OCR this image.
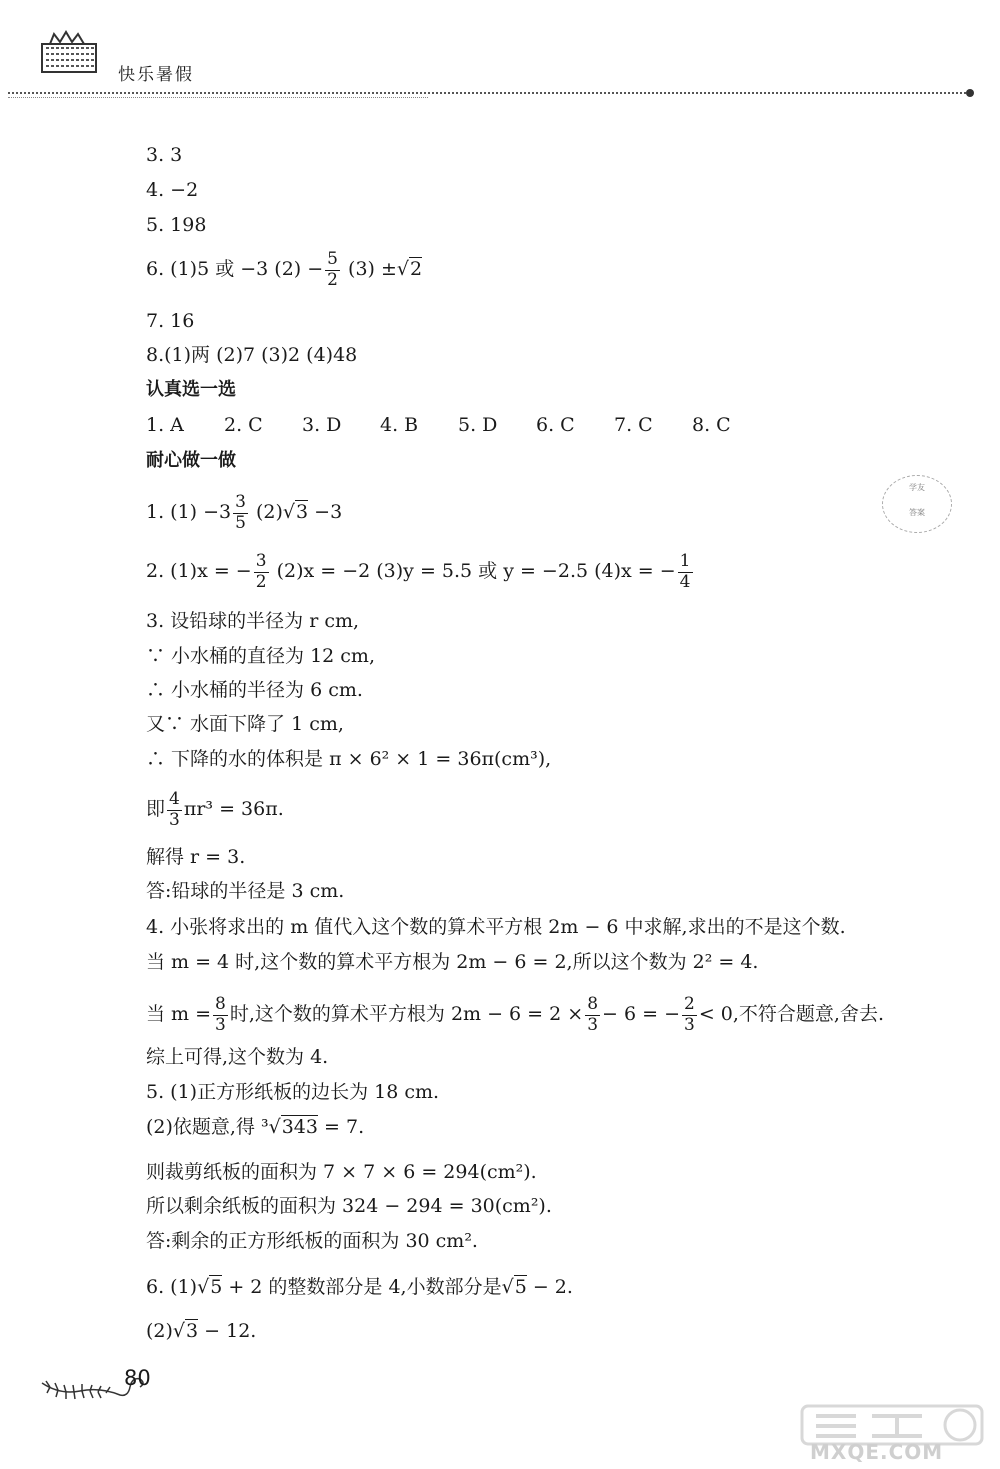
快乐暑假
3. 3
4. −2
5. 198
6. (1)5 或 −3 $(2) - \frac{5}{2} (3) \pm√2$
7. 16
8.(1)两 (2)7 (3)2 (4)48
认真选一选
1. A 2. C 3. D 4. B 5. D 6. C 7. C 8. C
耐心做一做
1. $(1) -3 \frac{3}{5} (2)√3 -3$
2. (1)x = − $\frac{3}{2} (2)x = -2$ (3)y = 5.5 或 y = −2.5 (4)x = − $\frac{1}{4}$
3. 设铅球的半径为 r cm,
∵ 小水桶的直径为 12 cm,
∴ 小水桶的半径为 6 cm.
又∵ 水面下降了 1 cm,
∴ 下降的水的体积是 π × 6² × 1 = 36π(cm³),
即 $\frac{4}{3} \pi r^3 = 36\pi$.
解得 r = 3.
答:铅球的半径是 3 cm.
4. 小张将求出的 m 值代入这个数的算术平方根 2m − 6 中求解,求出的不是这个数.
当 m = 4 时,这个数的算术平方根为 2m − 6 = 2,所以这个数为 2² = 4.
当 $m = \frac{8}{3}$ 时,这个数的算术平方根为 $2m - 6 = 2 \times \frac{8}{3} - 6$ = − $\frac{2}{3} < 0$,不符合题意,舍去.
综上可得,这个数为 4.
5. (1)正方形纸板的边长为 18 cm.
(2)依题意,得 ³√343 = 7.
则裁剪纸板的面积为 7 × 7 × 6 = 294(cm²).
所以剩余纸板的面积为 324 − 294 = 30(cm²).
答:剩余的正方形纸板的面积为 30 cm².
6. (1)√5 + 2 的整数部分是 4,小数部分是√5 − 2.
(2)√3 − 12.
学友
答案
80
MXQE.COM
